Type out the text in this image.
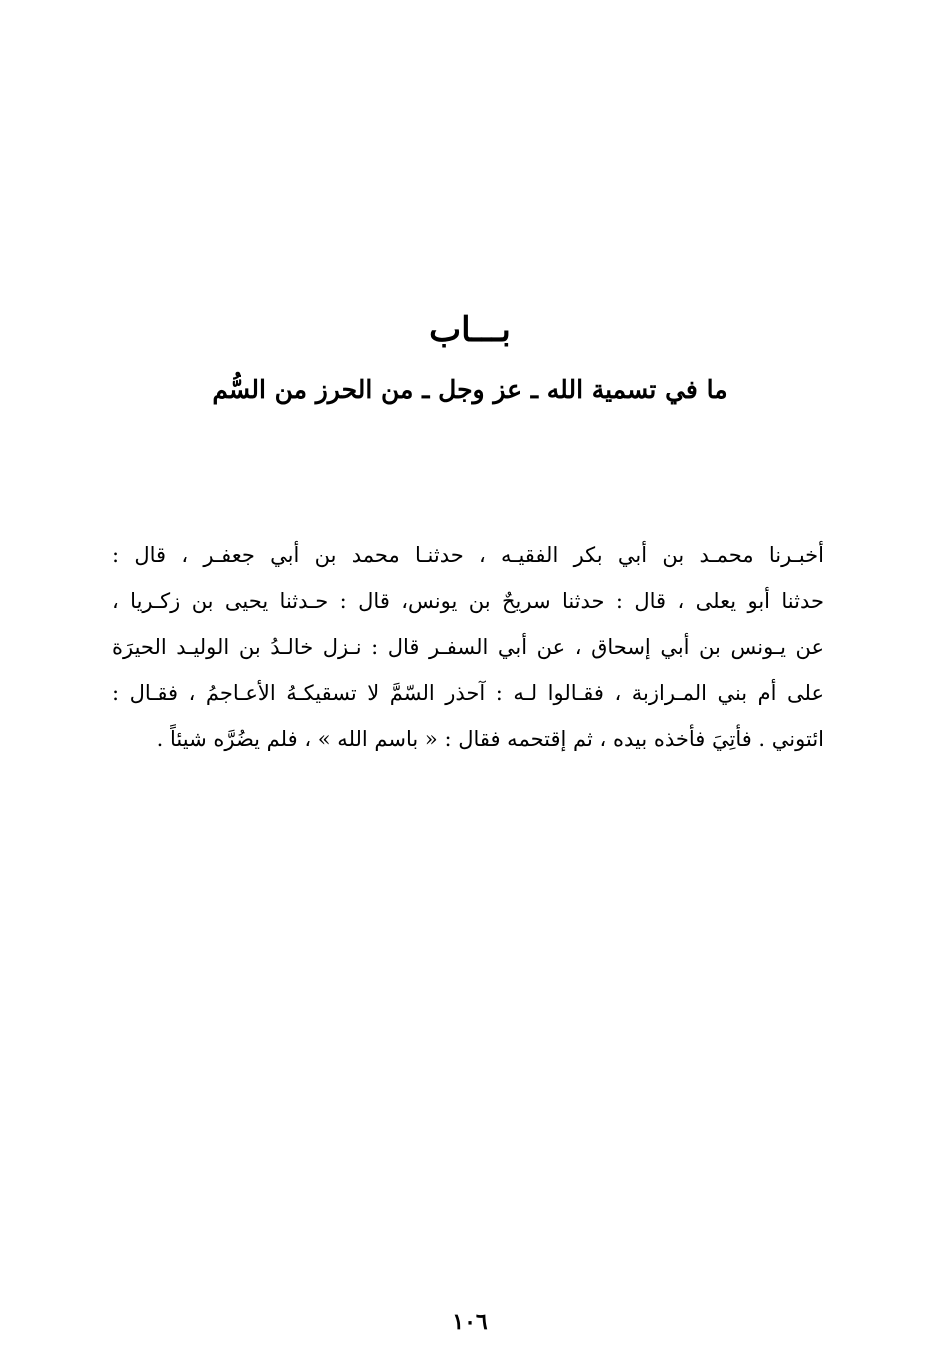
بـــاب
ما في تسمية الله ـ عز وجل ـ من الحرز من السُّم
أخبـرنا محمـد بن أبي بكر الفقيـه ، حدثنـا محمد بن أبي جعفـر ، قال :
حدثنا أبو يعلى ، قال : حدثنا سريحٌ بن يونس، قال : حـدثنا يحيى بن زكـريا ،
عن يـونس بن أبي إسحاق ، عن أبي السفـر قال : نـزل خالـدُ بن الوليـد الحيرَة
على أم بني المـرازبة ، فقـالوا لـه : آحذر السّمَّ لا تسقيكـهُ الأعـاجمُ ، فقـال :
ائتوني . فأتِيَ فأخذه بيده ، ثم إقتحمه فقال : « باسم الله » ، فلم يضُرَّه شيئاً .
١٠٦
